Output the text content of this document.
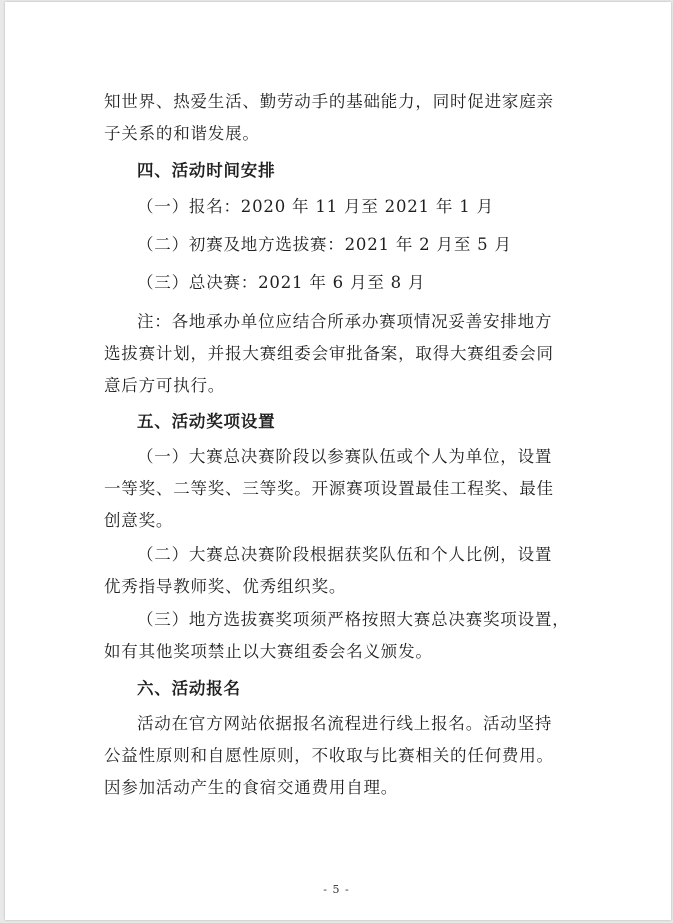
知世界、热爱生活、勤劳动手的基础能力，同时促进家庭亲
子关系的和谐发展。
四、活动时间安排
（一）报名：2020 年 11 月至 2021 年 1 月
（二）初赛及地方选拔赛：2021 年 2 月至 5 月
（三）总决赛：2021 年 6 月至 8 月
注：各地承办单位应结合所承办赛项情况妥善安排地方
选拔赛计划，并报大赛组委会审批备案，取得大赛组委会同
意后方可执行。
五、活动奖项设置
（一）大赛总决赛阶段以参赛队伍或个人为单位，设置
一等奖、二等奖、三等奖。开源赛项设置最佳工程奖、最佳
创意奖。
（二）大赛总决赛阶段根据获奖队伍和个人比例，设置
优秀指导教师奖、优秀组织奖。
（三）地方选拔赛奖项须严格按照大赛总决赛奖项设置，
如有其他奖项禁止以大赛组委会名义颁发。
六、活动报名
活动在官方网站依据报名流程进行线上报名。活动坚持
公益性原则和自愿性原则，不收取与比赛相关的任何费用。
因参加活动产生的食宿交通费用自理。
- 5 -
